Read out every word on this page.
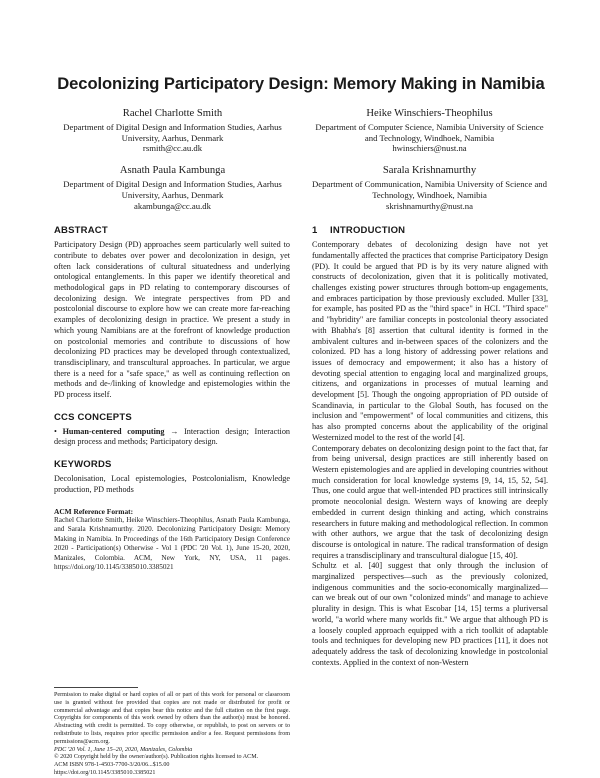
Decolonizing Participatory Design: Memory Making in Namibia
Rachel Charlotte Smith
Department of Digital Design and Information Studies, Aarhus University, Aarhus, Denmark
rsmith@cc.au.dk
Heike Winschiers-Theophilus
Department of Computer Science, Namibia University of Science and Technology, Windhoek, Namibia
hwinschiers@nust.na
Asnath Paula Kambunga
Department of Digital Design and Information Studies, Aarhus University, Aarhus, Denmark
akambunga@cc.au.dk
Sarala Krishnamurthy
Department of Communication, Namibia University of Science and Technology, Windhoek, Namibia
skrishnamurthy@nust.na
ABSTRACT

Participatory Design (PD) approaches seem particularly well suited to contribute to debates over power and decolonization in design, yet often lack considerations of cultural situatedness and underlying ontological entanglements. In this paper we identify theoretical and methodological gaps in PD relating to contemporary discourses of decolonizing design. We integrate perspectives from PD and postcolonial discourse to explore how we can create more far-reaching examples of decolonizing design in practice. We present a study in which young Namibians are at the forefront of knowledge production on postcolonial memories and contribute to discussions of how decolonizing PD practices may be developed through contextualized, transdisciplinary, and transcultural approaches. In particular, we argue there is a need for a "safe space," as well as continuing reflection on methods and de-/linking of knowledge and epistemologies within the PD process itself.

CCS CONCEPTS

• Human-centered computing → Interaction design; Interaction design process and methods; Participatory design.

KEYWORDS

Decolonisation, Local epistemologies, Postcolonialism, Knowledge production, PD methods

ACM Reference Format:
Rachel Charlotte Smith, Heike Winschiers-Theophilus, Asnath Paula Kambunga, and Sarala Krishnamurthy. 2020. Decolonizing Participatory Design: Memory Making in Namibia. In Proceedings of the 16th Participatory Design Conference 2020 - Participation(s) Otherwise - Vol 1 (PDC '20 Vol. 1), June 15-20, 2020, Manizales, Colombia. ACM, New York, NY, USA, 11 pages. https://doi.org/10.1145/3385010.3385021
1 INTRODUCTION

Contemporary debates of decolonizing design have not yet fundamentally affected the practices that comprise Participatory Design (PD). It could be argued that PD is by its very nature aligned with constructs of decolonization, given that it is politically motivated, challenges existing power structures through bottom-up engagements, and embraces participation by those previously excluded. Muller [33], for example, has posited PD as the "third space" in HCI. "Third space" and "hybridity" are familiar concepts in postcolonial theory associated with Bhabha's [8] assertion that cultural identity is formed in the ambivalent cultures and in-between spaces of the colonizers and the colonized. PD has a long history of addressing power relations and issues of democracy and empowerment; it also has a history of devoting special attention to engaging local and marginalized groups, citizens, and organizations in processes of mutual learning and development [5]. Though the ongoing appropriation of PD outside of Scandinavia, in particular to the Global South, has focused on the inclusion and "empowerment" of local communities and citizens, this has also prompted concerns about the applicability of the original Westernized model to the rest of the world [4].

Contemporary debates on decolonizing design point to the fact that, far from being universal, design practices are still inherently based on Western epistemologies and are applied in developing countries without much consideration for local knowledge systems [9, 14, 15, 52, 54]. Thus, one could argue that well-intended PD practices still intrinsically promote neocolonial design. Western ways of knowing are deeply embedded in current design thinking and acting, which constrains researchers in future making and methodological reflection. In common with other authors, we argue that the task of decolonizing design discourse is ontological in nature. The radical transformation of design requires a transdisciplinary and transcultural dialogue [15, 40].

Schultz et al. [40] suggest that only through the inclusion of marginalized perspectives—such as the previously colonized, indigenous communities and the socio-economically marginalized—can we break out of our own "colonized minds" and manage to achieve plurality in design. This is what Escobar [14, 15] terms a pluriversal world, "a world where many worlds fit." We argue that although PD is a loosely coupled approach equipped with a rich toolkit of adaptable tools and techniques for developing new PD practices [11], it does not adequately address the task of decolonizing knowledge in postcolonial contexts. Applied in the context of non-Western

Permission to make digital or hard copies of all or part of this work for personal or classroom use is granted without fee provided that copies are not made or distributed for profit or commercial advantage and that copies bear this notice and the full citation on the first page. Copyrights for components of this work owned by others than the author(s) must be honored. Abstracting with credit is permitted. To copy otherwise, or republish, to post on servers or to redistribute to lists, requires prior specific permission and/or a fee. Request permissions from permissions@acm.org.

PDC '20 Vol. 1, June 15–20, 2020, Manizales, Colombia

© 2020 Copyright held by the owner/author(s). Publication rights licensed to ACM.

ACM ISBN 978-1-4503-7700-3/20/06...$15.00

https://doi.org/10.1145/3385010.3385021
